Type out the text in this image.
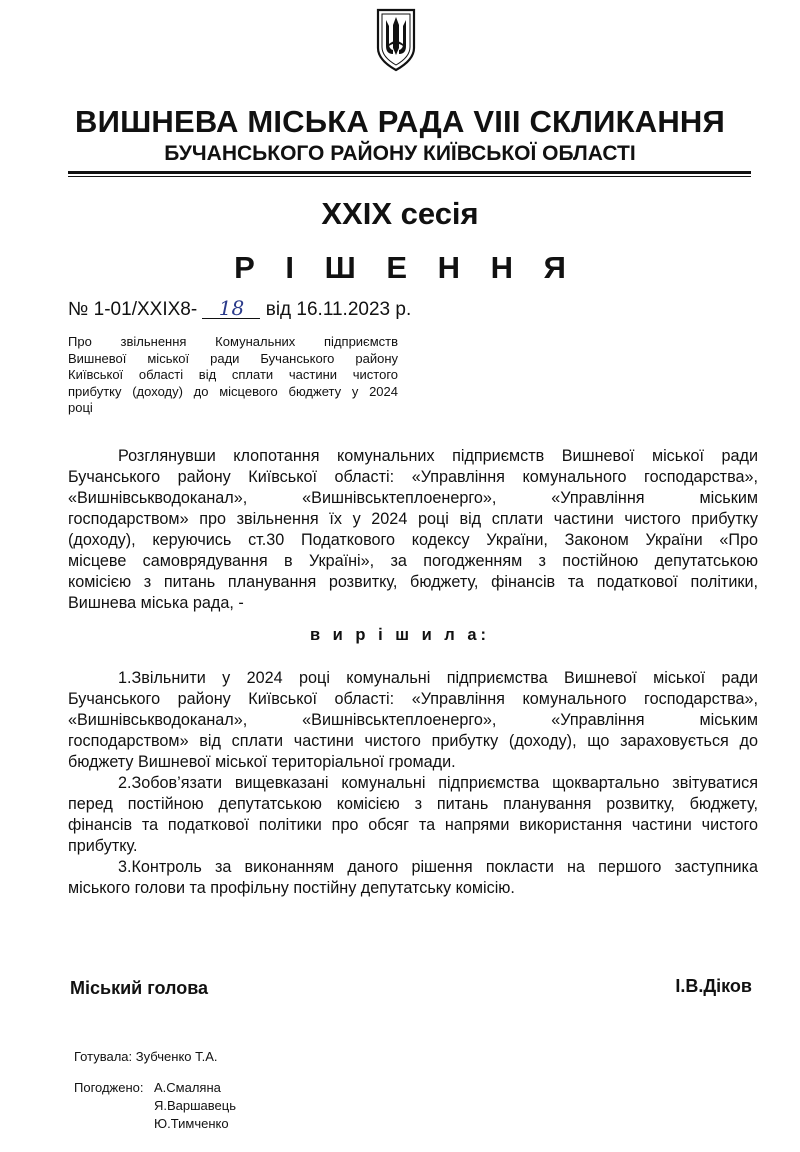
ВИШНЕВА МІСЬКА РАДА VIII СКЛИКАННЯ
БУЧАНСЬКОГО РАЙОНУ КИЇВСЬКОЇ ОБЛАСТІ
XXIX сесія
Р І Ш Е Н Н Я
№ 1-01/XXIX8- 18 від 16.11.2023 р.
Про звільнення Комунальних підприємств
Вишневої міської ради Бучанського району
Київської області від сплати частини чистого
прибутку (доходу) до місцевого бюджету у 2024
році
Розглянувши клопотання комунальних підприємств Вишневої міської ради
Бучанського району Київської області: «Управління комунального господарства»,
«Вишнівськводоканал», «Вишнівськтеплоенерго», «Управління міським
господарством» про звільнення їх у 2024 році від сплати частини чистого прибутку
(доходу), керуючись ст.30 Податкового кодексу України, Законом України «Про
місцеве самоврядування в Україні», за погодженням з постійною депутатською
комісією з питань планування розвитку, бюджету, фінансів та податкової політики,
Вишнева міська рада, -
в и р і ш и л а:
1.Звільнити у 2024 році комунальні підприємства Вишневої міської ради
Бучанського району Київської області: «Управління комунального господарства»,
«Вишнівськводоканал», «Вишнівськтеплоенерго», «Управління міським
господарством» від сплати частини чистого прибутку (доходу), що зараховується до
бюджету Вишневої міської територіальної громади.
2.Зобов’язати вищевказані комунальні підприємства щоквартально звітуватися
перед постійною депутатською комісією з питань планування розвитку, бюджету,
фінансів та податкової політики про обсяг та напрями використання частини чистого
прибутку.
3.Контроль за виконанням даного рішення покласти на першого заступника
міського голови та профільну постійну депутатську комісію.
Міський голова	І.В.Діков
Готувала: Зубченко Т.А.
Погоджено: А.Смаляна
Я.Варшавець
Ю.Тимченко
